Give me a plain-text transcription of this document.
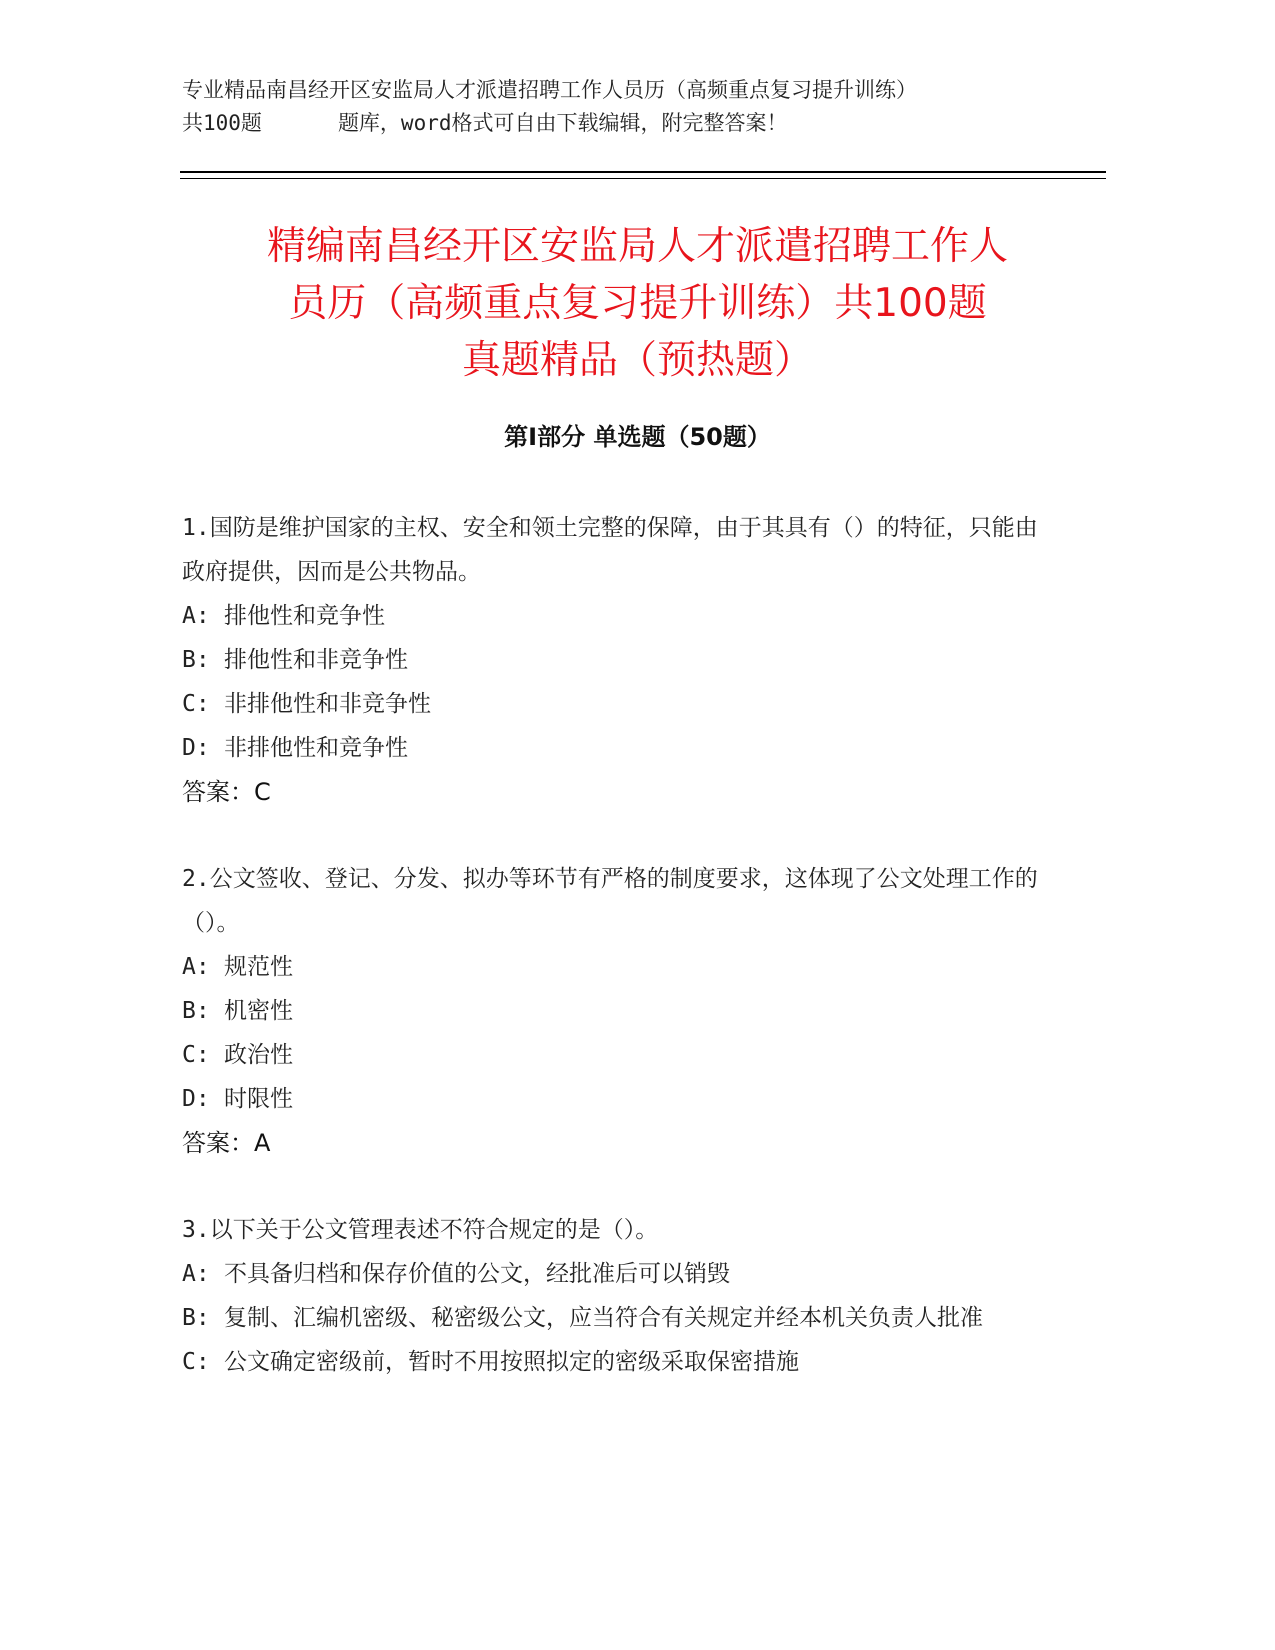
专业精品南昌经开区安监局人才派遣招聘工作人员历（高频重点复习提升训练）
共100题	题库，word格式可自由下载编辑，附完整答案！
精编南昌经开区安监局人才派遣招聘工作人
员历（高频重点复习提升训练）共100题
真题精品（预热题）
第I部分 单选题（50题）

1.国防是维护国家的主权、安全和领土完整的保障，由于其具有（）的特征，只能由政府提供，因而是公共物品。

A: 排他性和竞争性

B: 排他性和非竞争性

C: 非排他性和非竞争性

D: 非排他性和竞争性

答案：C

2.公文签收、登记、分发、拟办等环节有严格的制度要求，这体现了公文处理工作的（）。

A: 规范性

B: 机密性

C: 政治性

D: 时限性

答案：A

3.以下关于公文管理表述不符合规定的是（）。

A: 不具备归档和保存价值的公文，经批准后可以销毁

B: 复制、汇编机密级、秘密级公文，应当符合有关规定并经本机关负责人批准

C: 公文确定密级前，暂时不用按照拟定的密级采取保密措施
